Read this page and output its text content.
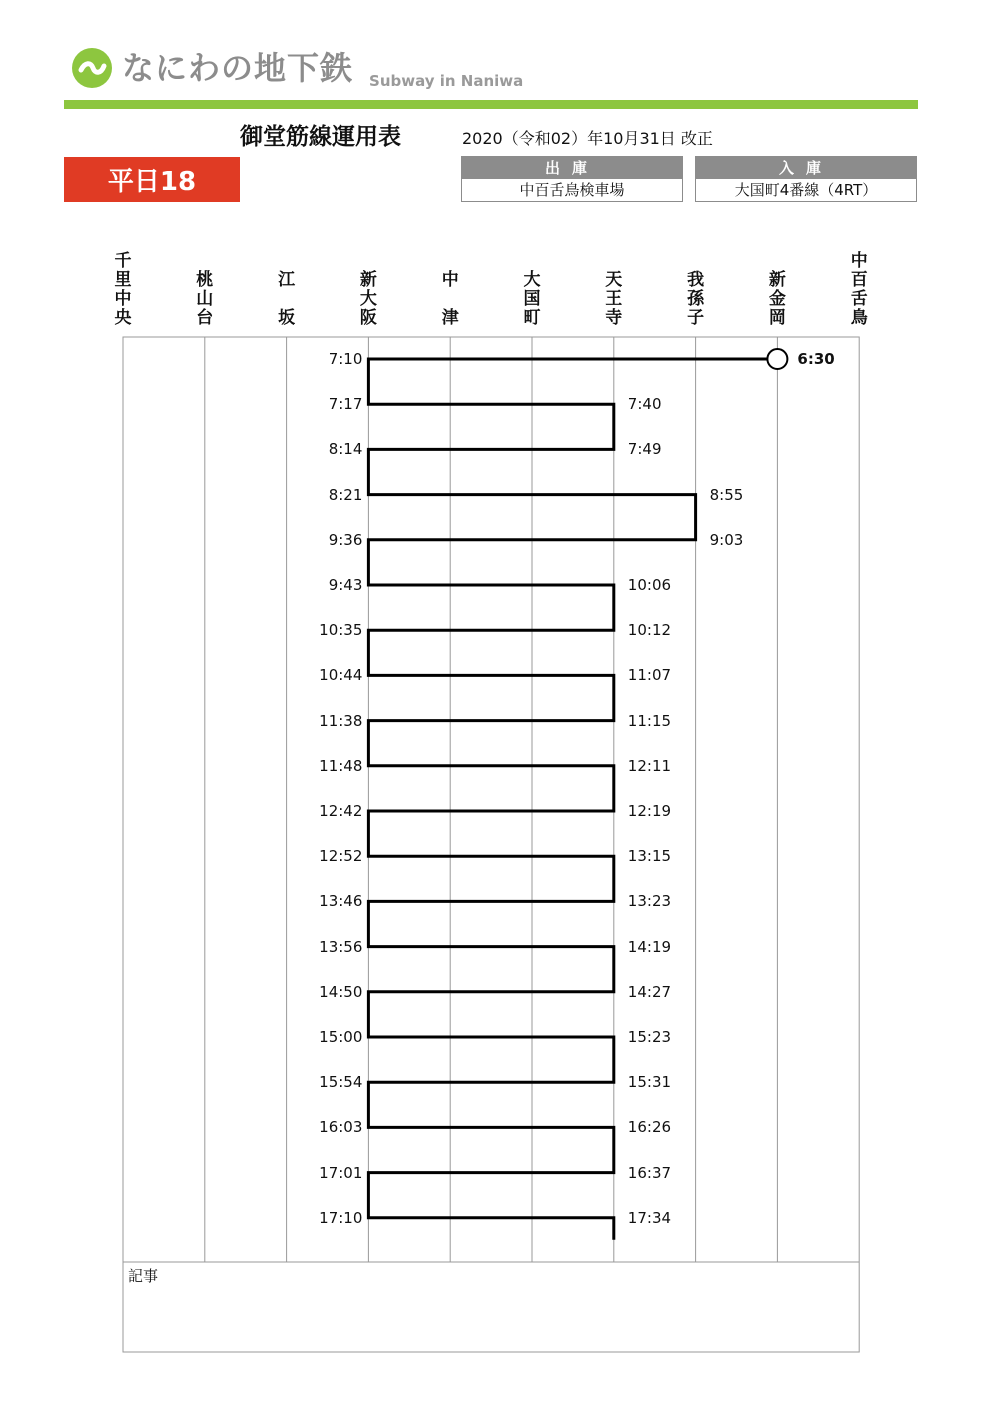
なにわの地下鉄 Subway in Naniwa
御堂筋線運用表	2020（令和02）年10月31日 改正
平日18	出庫
中百舌鳥検車場
入庫
大国町4番線（4RT）
千
里
中
央
桃
山
台
江
坂
新
大
阪
中
津
大
国
町
天
王
寺
我
孫
子
新
金
岡
中
百
舌
鳥
6:30
7:10
7:17	7:40
7:49
8:14
8:21	8:55
9:03
9:36
9:43	10:06
10:12
10:35
10:44	11:07
11:15
11:38
11:48	12:11
12:19
12:42
12:52	13:15
13:23
13:46
13:56	14:19
14:27
14:50
15:00	15:23
15:31
15:54
16:03	16:26
16:37
17:01
17:10	17:34
記事
